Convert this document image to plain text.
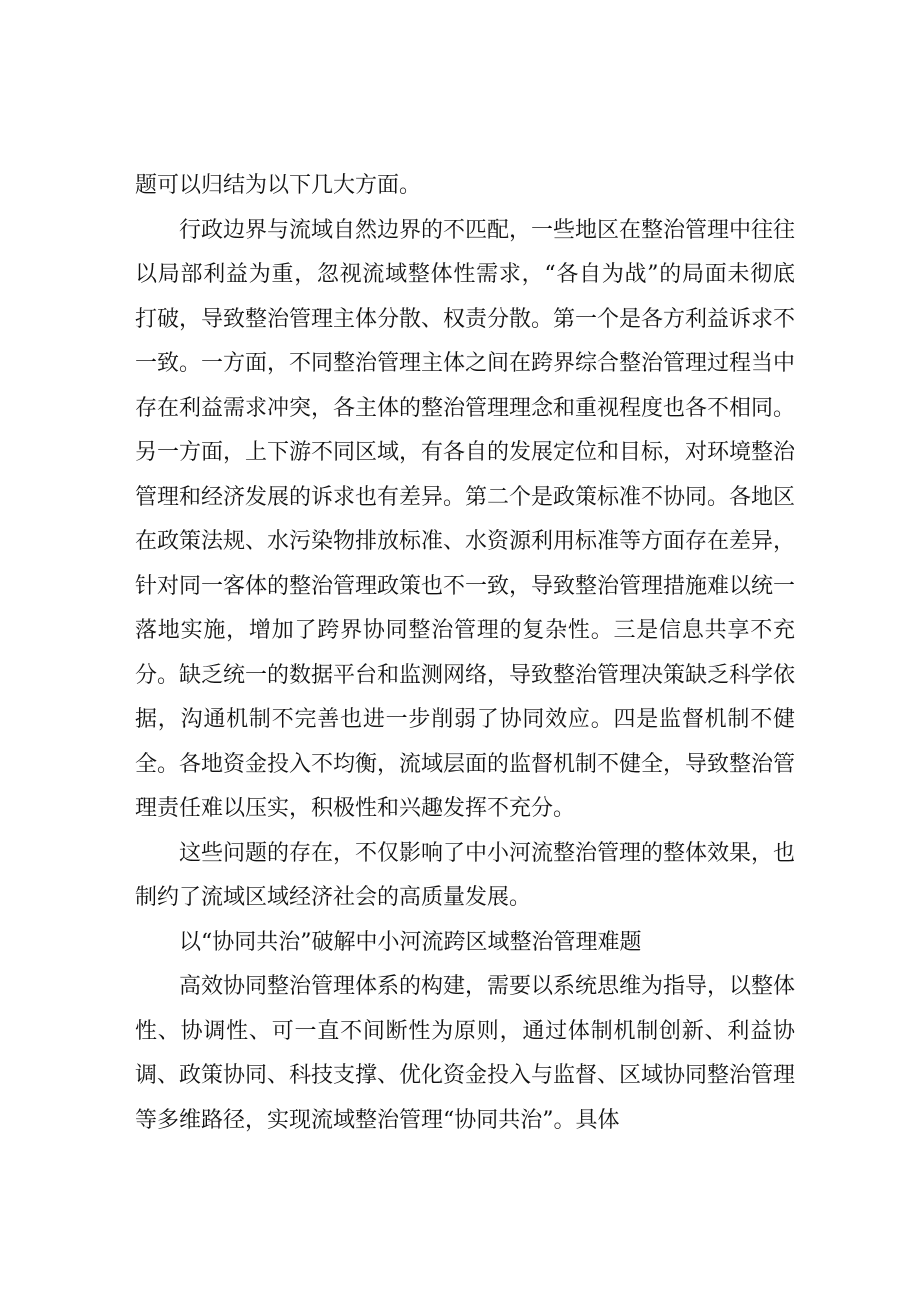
题可以归结为以下几大方面。

行政边界与流域自然边界的不匹配，一些地区在整治管理中往往以局部利益为重，忽视流域整体性需求，“各自为战”的局面未彻底打破，导致整治管理主体分散、权责分散。第一个是各方利益诉求不一致。一方面，不同整治管理主体之间在跨界综合整治管理过程当中存在利益需求冲突，各主体的整治管理理念和重视程度也各不相同。另一方面，上下游不同区域，有各自的发展定位和目标，对环境整治管理和经济发展的诉求也有差异。第二个是政策标准不协同。各地区在政策法规、水污染物排放标准、水资源利用标准等方面存在差异，针对同一客体的整治管理政策也不一致，导致整治管理措施难以统一落地实施，增加了跨界协同整治管理的复杂性。三是信息共享不充分。缺乏统一的数据平台和监测网络，导致整治管理决策缺乏科学依据，沟通机制不完善也进一步削弱了协同效应。四是监督机制不健全。各地资金投入不均衡，流域层面的监督机制不健全，导致整治管理责任难以压实，积极性和兴趣发挥不充分。

这些问题的存在，不仅影响了中小河流整治管理的整体效果，也制约了流域区域经济社会的高质量发展。

以“协同共治”破解中小河流跨区域整治管理难题

高效协同整治管理体系的构建，需要以系统思维为指导，以整体性、协调性、可一直不间断性为原则，通过体制机制创新、利益协调、政策协同、科技支撑、优化资金投入与监督、区域协同整治管理等多维路径，实现流域整治管理“协同共治”。具体
